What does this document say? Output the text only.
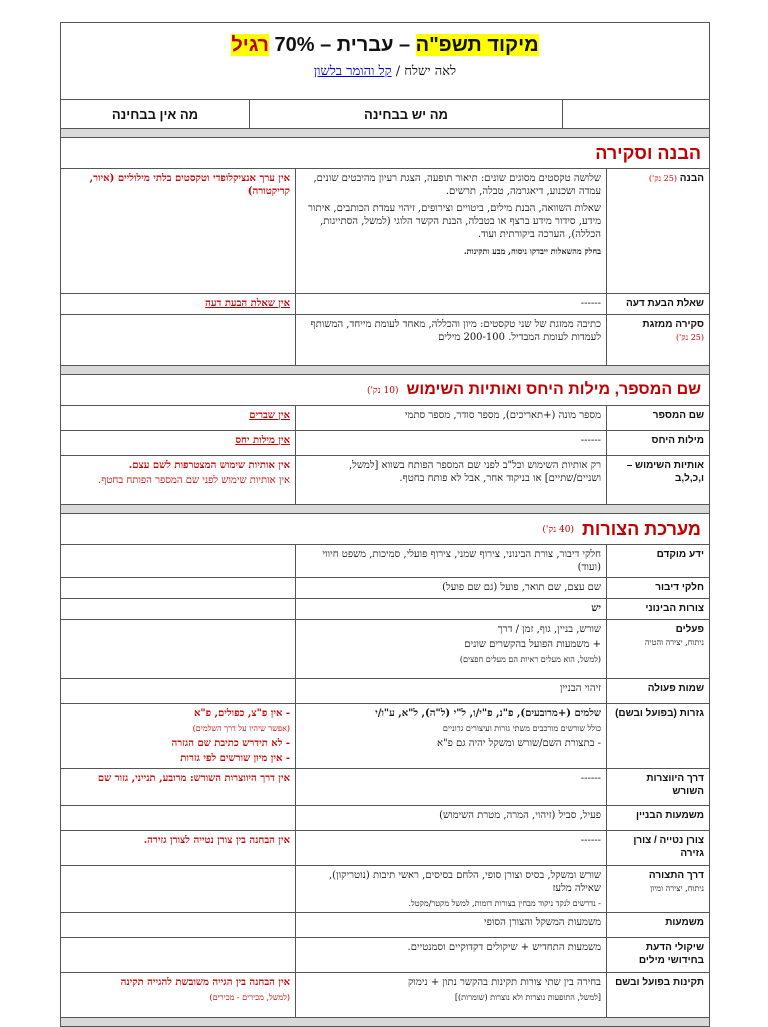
מיקוד תשפ"ה – עברית – 70% רגיל
לאה ישלח / קל והומר בלשון
מה יש בבחינה
מה אין בבחינה
הבנה וסקירה
הבנה (25 נק')

שלושה טקסטים מסוגים שונים: תיאור תופעה, הצגת רעיון מהיבטים שונים, עמדה ושכנוע, דיאגרמה, טבלה, תרשים.

שאלות השוואה, הבנת מילים, ביטויים וצירופים, זיהוי עמדת הכותבים, איתור מידע, סידור מידע ברצף או בטבלה, הבנת הקשר הלוגי (למשל, הסתייגות, הכללה), הערכה ביקורתית ועוד.

בחלק מהשאלות ייבדקו ניסוח, מבע ותקינות.

אין ערך אנציקלופדי וטקסטים בלתי מילוליים (איור, קריקטורה)
שאלת הבעת דעה
------
אין שאלת הבעת דעה
סקירה ממזגת
(25 נק')
כתיבה ממזגת של שני טקסטים: מיון והכללה, מאחד לעומת מייחד, המשותף לעמדות לעומת המבדיל. 200-100 מילים
שם המספר, מילות היחס ואותיות השימוש
(10 נק')
שם המספר
מספר מונה (+תאריכים), מספר סודר, מספר סתמי
אין שברים
מילות היחס
------
אין מילות יחס
אותיות השימוש – ו,כ,ל,ב
רק אותיות השימוש וכל"ב לפני שם המספר הפותח בשווא [למשל, ושניים/שתיים] או בניקוד אחר, אבל לא פותח בחטף.
אין אותיות שימוש המצטרפות לשם עצם.
אין אותיות שימוש לפני שם המספר הפותח בחטף.
מערכת הצורות
(40 נק')
ידע מוקדם
חלקי דיבור, צורת הבינוני, צירוף שמני, צירוף פועלי, סמיכות, משפט חיווי (ועוד)
חלקי דיבור
שם עצם, שם תואר, פועל (גם שם פועל)
צורות הבינוני
יש
פעלים
ניתוח, יצירה והטיה
שורש, בניין, גוף, זמן / דרך
+ משמעות הפועל בהקשרים שונים
(למשל, הוא מעלים ראיות הם מעלים חפצים)
שמות פעולה
זיהוי הבניין
גזרות (בפועל ובשם)
שלמים (+מרובעים), פ"נ, פ"י/ו, ל"י (ל"ה), ל"א, ע"ו/י
כולל שורשים מורכבים משתי גזרות ועיצורים גרוניים
- בתצורת השם/שורש ומשקל יהיה גם פ"א
- אין פ"צ, כפולים, פ"א
(אפשר שיהיו על דרך השלמים)
- לא תידרש כתיבת שם הגזרה
- אין מיון שורשים לפי גזרות
דרך היווצרות השורש
------
אין דרך היווצרות השורש: מרובע, תנייני, גזור שם
משמעות הבניין
פעיל, סביל (זיהוי, המרה, מטרת השימוש)
צורן נטייה / צורן גזירה
------
אין הבחנה בין צורן נטייה לצורן גזירה.
דרך התצורה
ניתוח, יצירה ומיון
שורש ומשקל, בסיס וצורן סופי, הלחם בסיסים, ראשי תיבות (נוטריקון), שאילה מלעז
- נדרשים לנקד ניקוד מבחין בצורות דומות, למשל מקטר/מקטל.
משמעות
משמעות המשקל והצורן הסופי
שיקולי הדעת בחידושי מילים
משמעות התחדיש + שיקולים דקדוקיים וסמנטיים.
תקינות בפועל ובשם
בחירה בין שתי צורות תקינות בהקשר נתון + נימוק
[למשל, התופעות נוצרות ולא נוצרות (שומרות)]
אין הבחנה בין הגייה משובשת להגייה תקינה
(למשל, מכירים - מכירים)
